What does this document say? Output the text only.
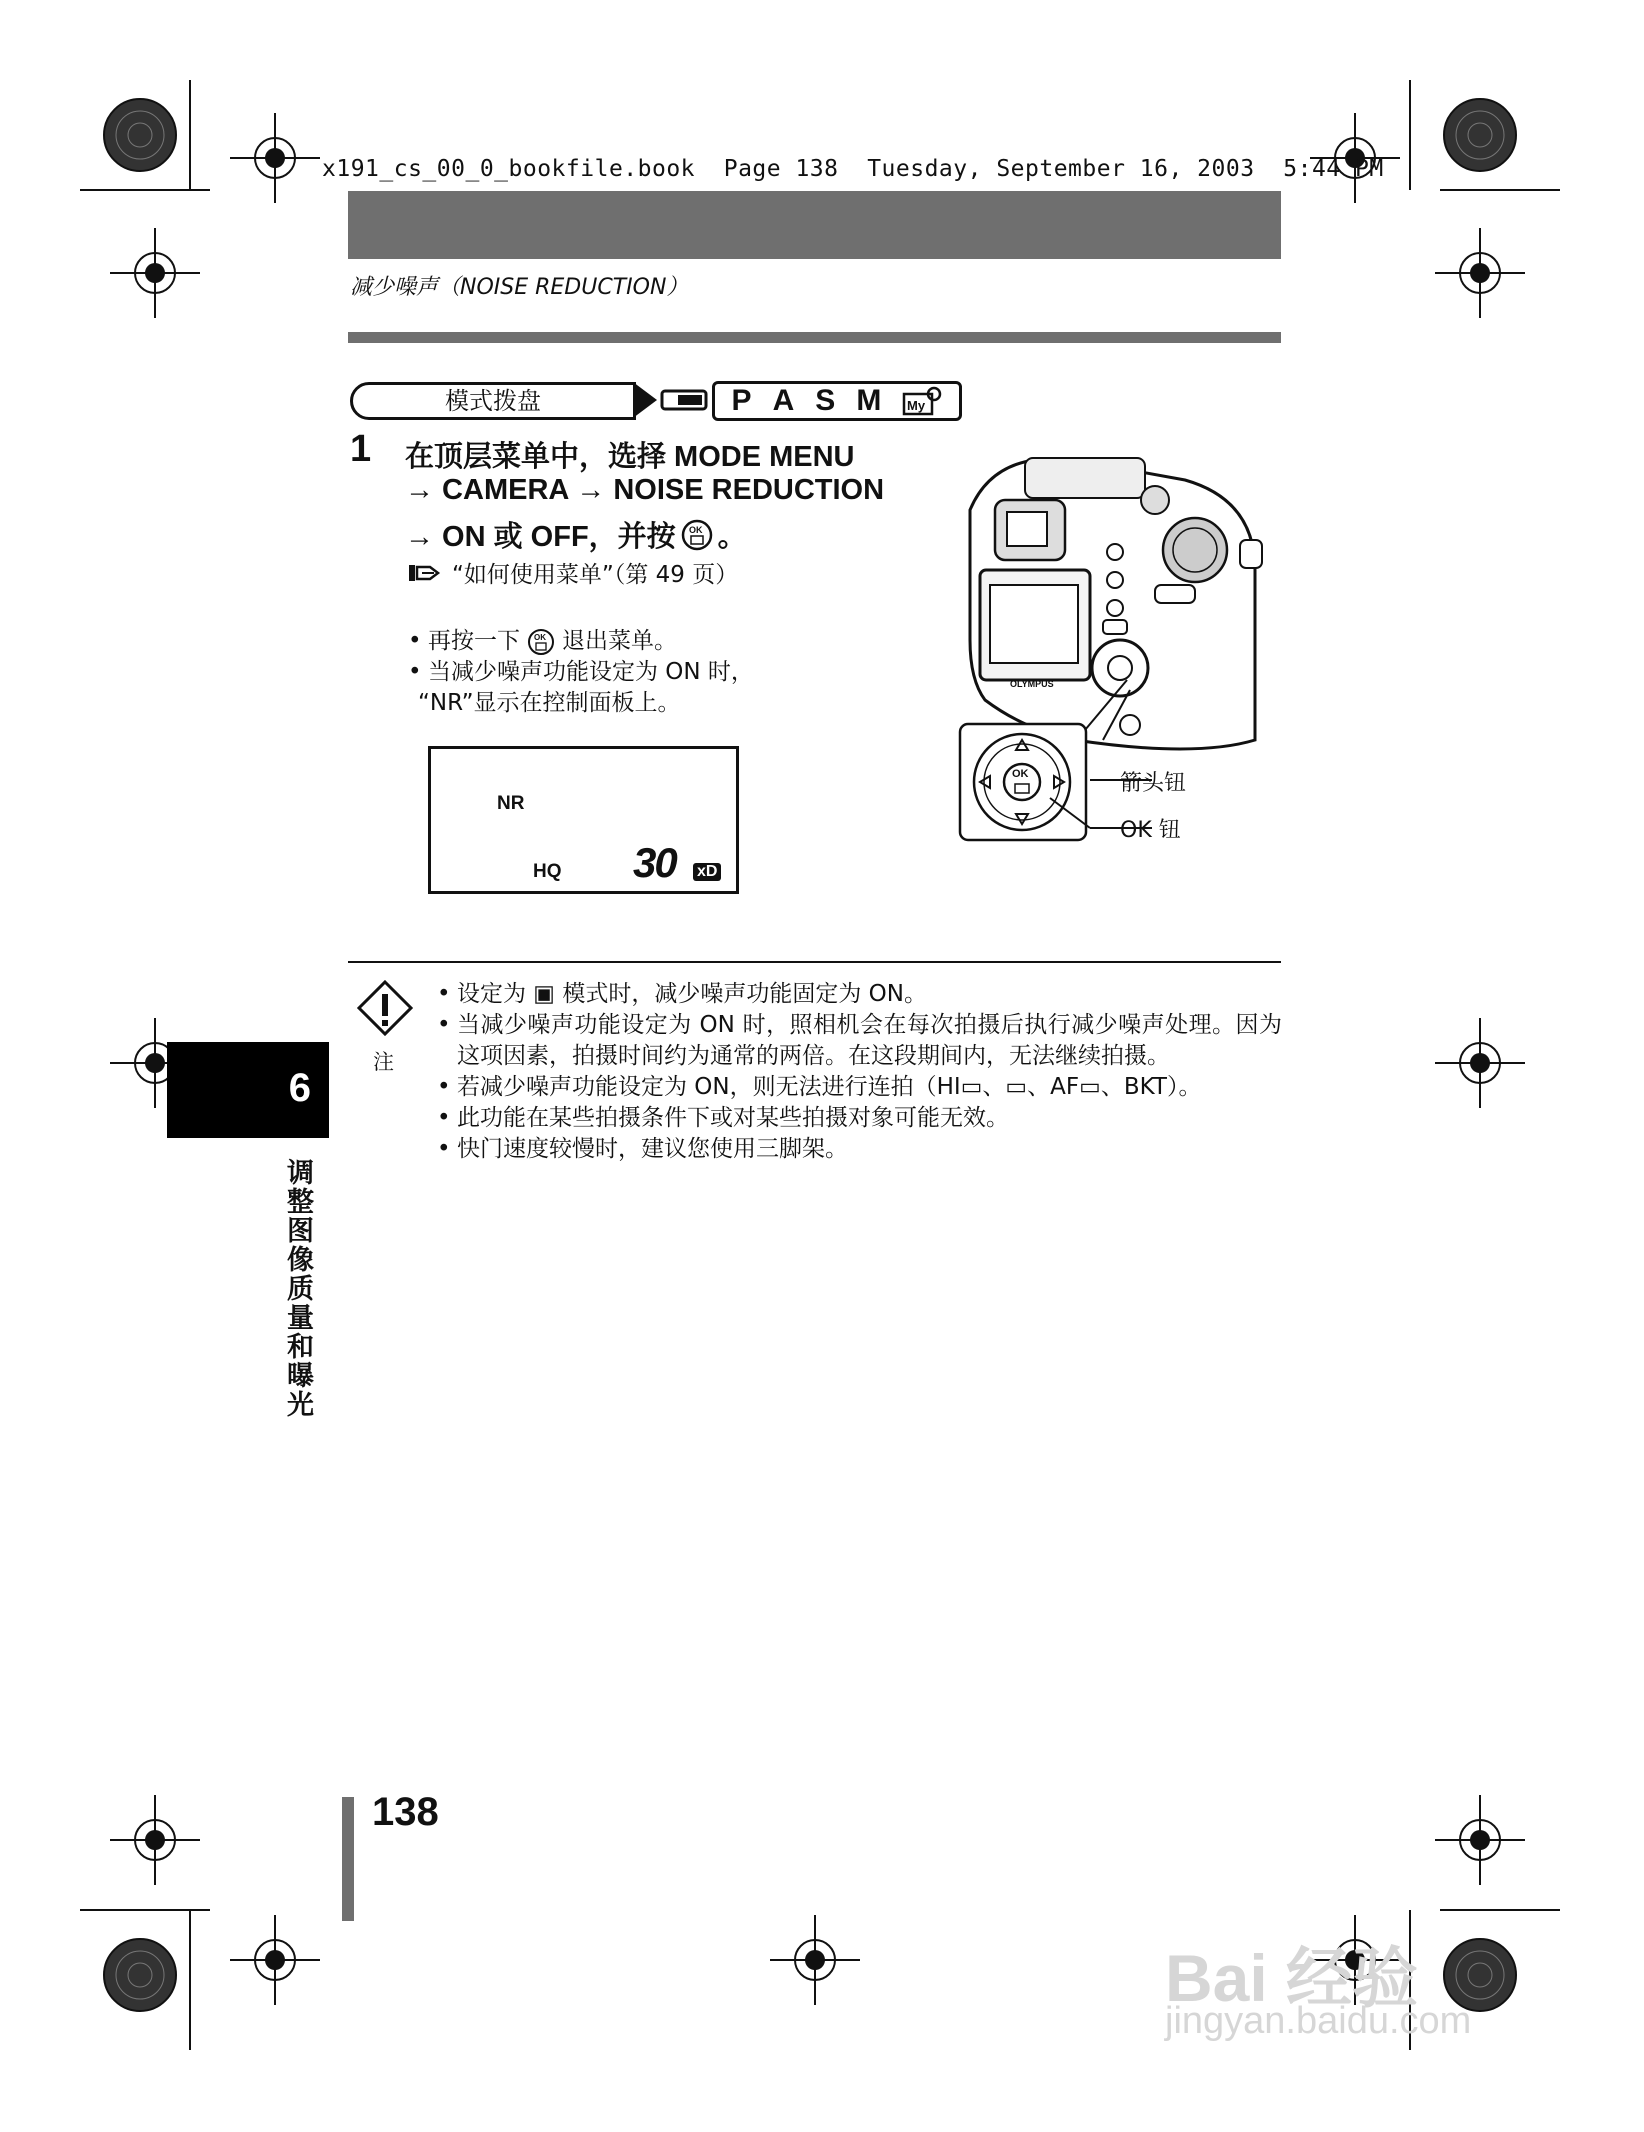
x191_cs_00_0_bookfile.book  Page 138  Tuesday, September 16, 2003  5:44 PM
减少噪声（NOISE REDUCTION）
模式拨盘	P A S M My
1 在顶层菜单中，选择 MODE MENU
→ CAMERA → NOISE REDUCTION
→ ON 或 OFF，并按 OK 。
“如何使用菜单”（第 49 页）
• 再按一下 OK 退出菜单。
• 当减少噪声功能设定为 ON 时，
“NR”显示在控制面板上。
NR
HQ 30 xD
OLYMPUS
OK	箭头钮
OK 钮
注
• 设定为 ▣ 模式时，减少噪声功能固定为 ON。
• 当减少噪声功能设定为 ON 时，照相机会在每次拍摄后执行减少噪声处理。因为这项因素，拍摄时间约为通常的两倍。在这段期间内，无法继续拍摄。
• 若减少噪声功能设定为 ON，则无法进行连拍（HI▭、▭、AF▭、BKT）。
• 此功能在某些拍摄条件下或对某些拍摄对象可能无效。
• 快门速度较慢时，建议您使用三脚架。
6
调整图像质量和曝光
138
Bai 经验
jingyan.baidu.com
